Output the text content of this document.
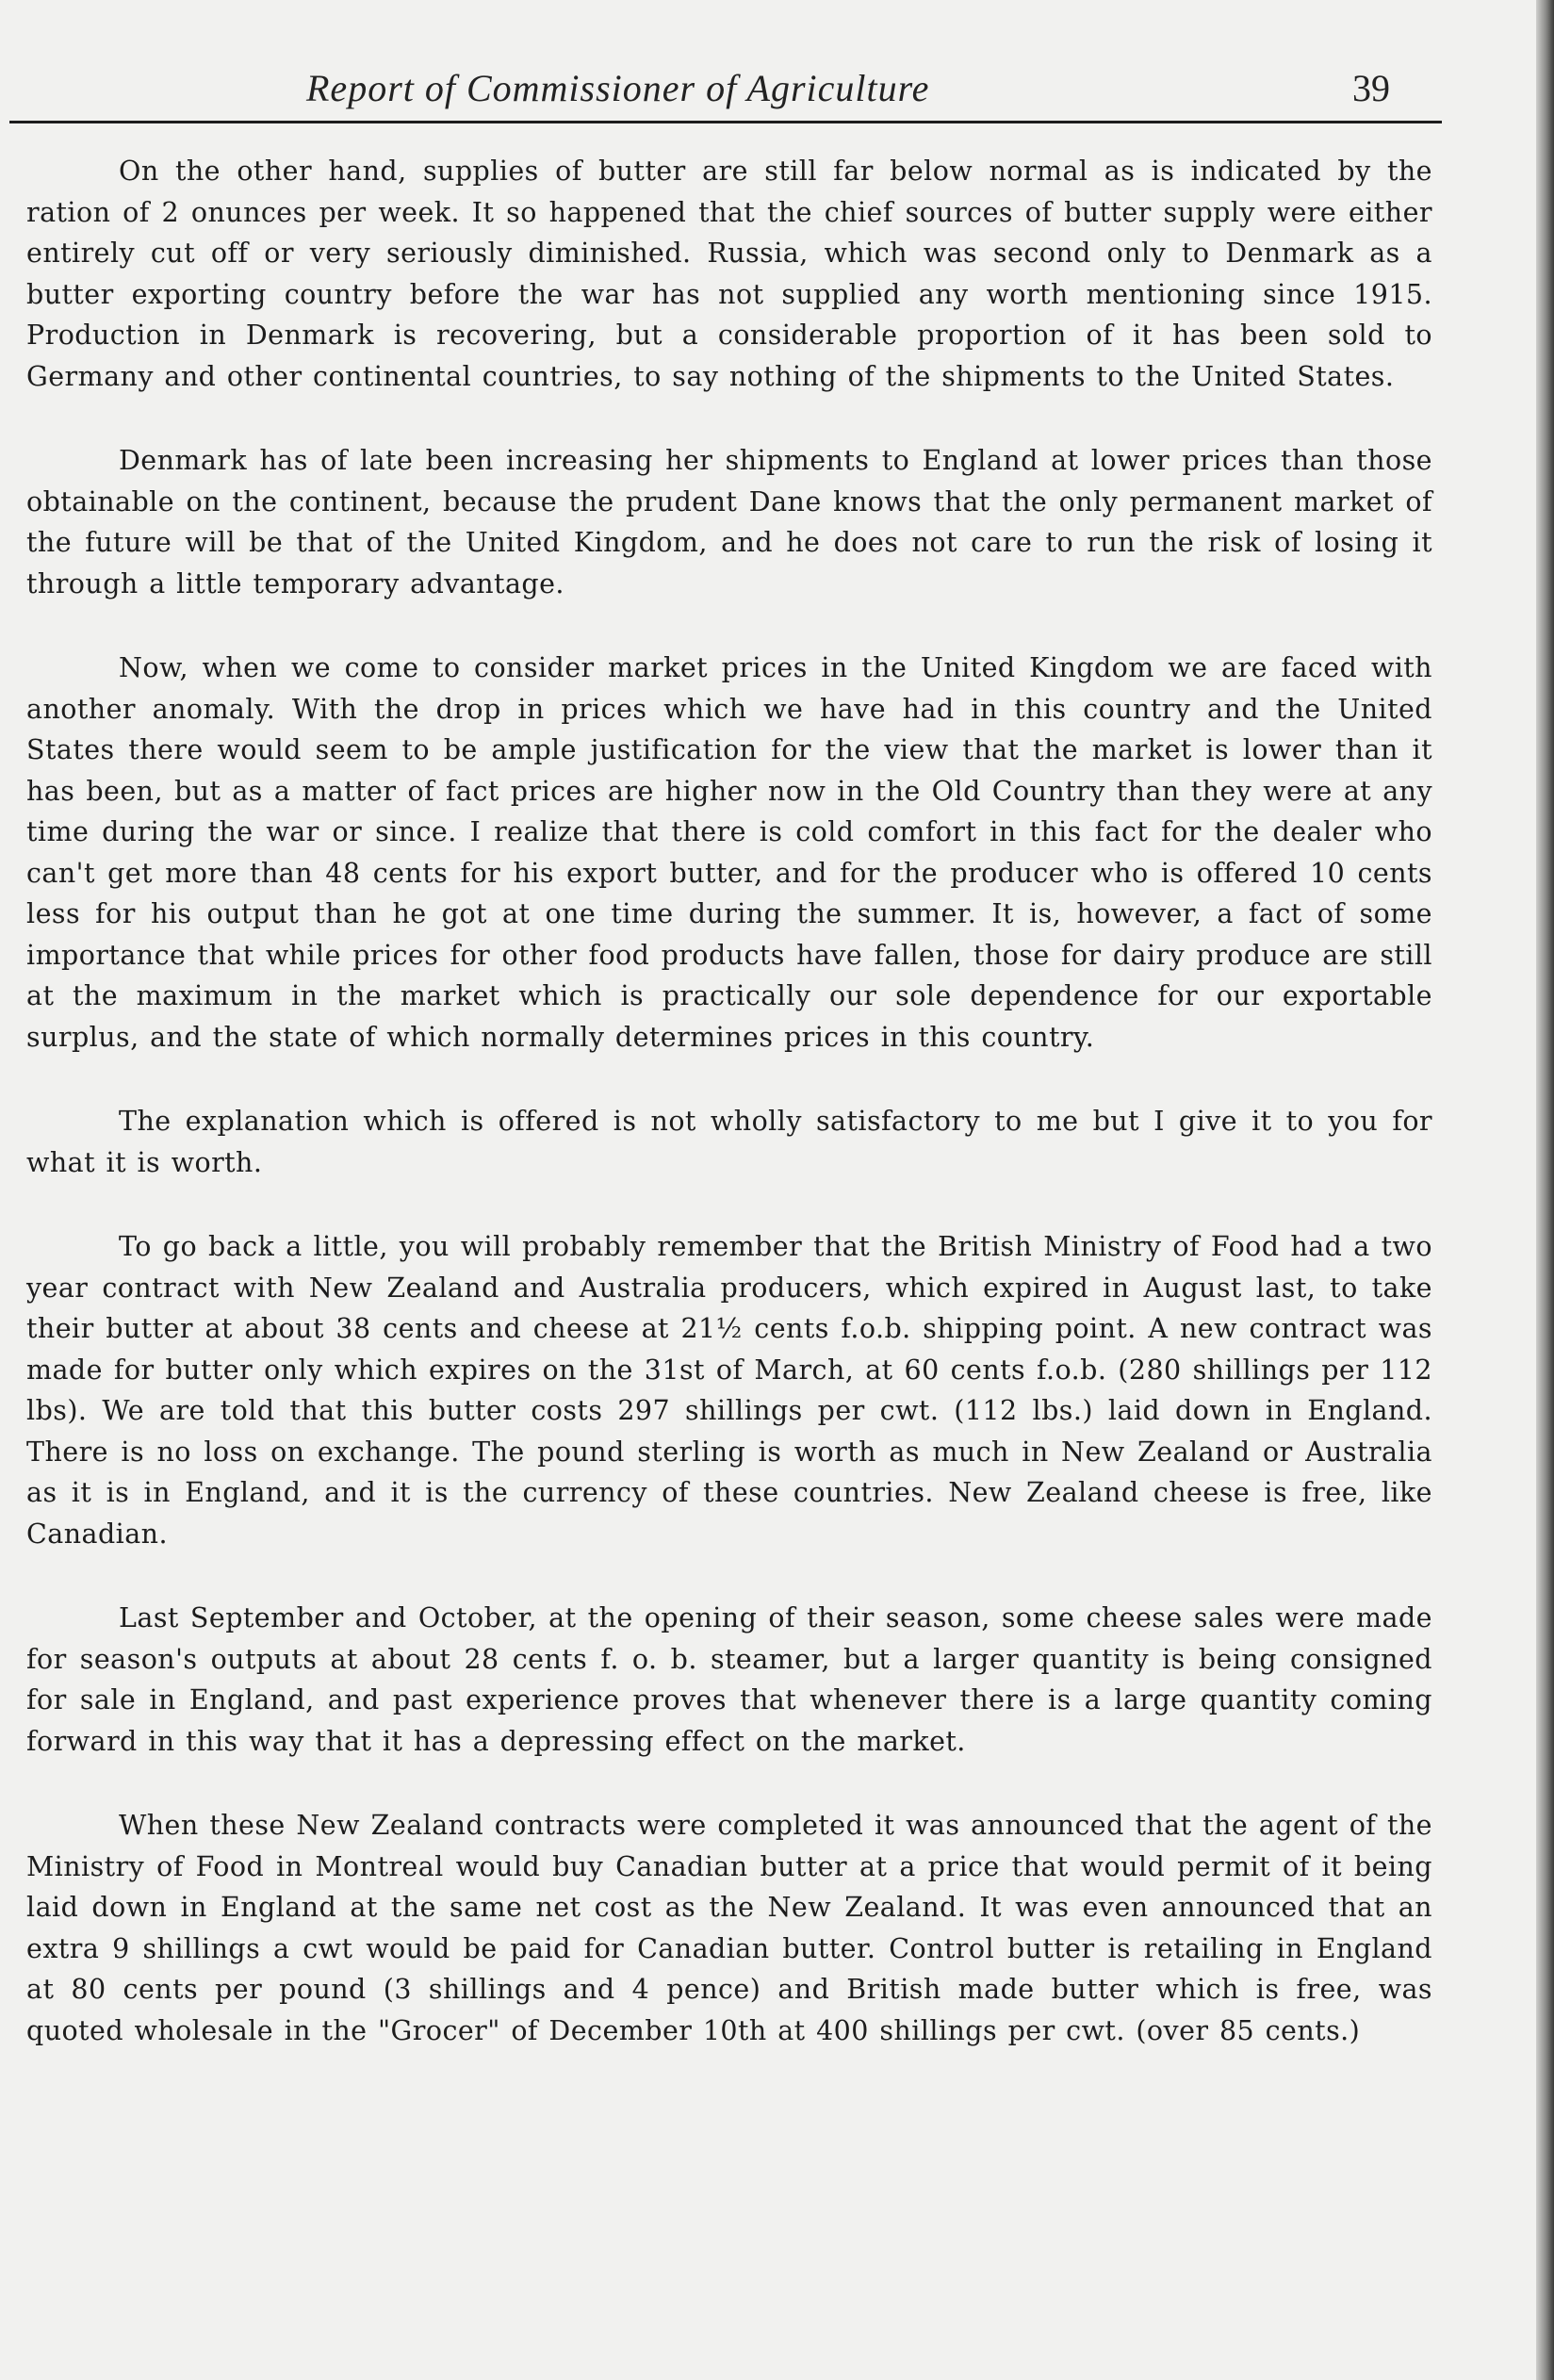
Report of Commissioner of Agriculture	39

On the other hand, supplies of butter are still far below normal as is indicated by the ration of 2 onunces per week. It so happened that the chief sources of butter supply were either entirely cut off or very seriously diminished. Russia, which was second only to Denmark as a butter exporting country before the war has not supplied any worth mentioning since 1915. Production in Denmark is recovering, but a considerable proportion of it has been sold to Germany and other continental countries, to say nothing of the shipments to the United States.

Denmark has of late been increasing her shipments to England at lower prices than those obtainable on the continent, because the prudent Dane knows that the only permanent market of the future will be that of the United Kingdom, and he does not care to run the risk of losing it through a little temporary advantage.

Now, when we come to consider market prices in the United Kingdom we are faced with another anomaly. With the drop in prices which we have had in this country and the United States there would seem to be ample justification for the view that the market is lower than it has been, but as a matter of fact prices are higher now in the Old Country than they were at any time during the war or since. I realize that there is cold comfort in this fact for the dealer who can't get more than 48 cents for his export butter, and for the producer who is offered 10 cents less for his output than he got at one time during the summer. It is, however, a fact of some importance that while prices for other food products have fallen, those for dairy produce are still at the maximum in the market which is practically our sole dependence for our exportable surplus, and the state of which normally determines prices in this country.

The explanation which is offered is not wholly satisfactory to me but I give it to you for what it is worth.

To go back a little, you will probably remember that the British Ministry of Food had a two year contract with New Zealand and Australia producers, which expired in August last, to take their butter at about 38 cents and cheese at 21½ cents f.o.b. shipping point. A new contract was made for butter only which expires on the 31st of March, at 60 cents f.o.b. (280 shillings per 112 lbs). We are told that this butter costs 297 shillings per cwt. (112 lbs.) laid down in England. There is no loss on exchange. The pound sterling is worth as much in New Zealand or Australia as it is in England, and it is the currency of these countries. New Zealand cheese is free, like Canadian.

Last September and October, at the opening of their season, some cheese sales were made for season's outputs at about 28 cents f. o. b. steamer, but a larger quantity is being consigned for sale in England, and past experience proves that whenever there is a large quantity coming forward in this way that it has a depressing effect on the market.

When these New Zealand contracts were completed it was announced that the agent of the Ministry of Food in Montreal would buy Canadian butter at a price that would permit of it being laid down in England at the same net cost as the New Zealand. It was even announced that an extra 9 shillings a cwt would be paid for Canadian butter. Control butter is retailing in England at 80 cents per pound (3 shillings and 4 pence) and British made butter which is free, was quoted wholesale in the "Grocer" of December 10th at 400 shillings per cwt. (over 85 cents.)
